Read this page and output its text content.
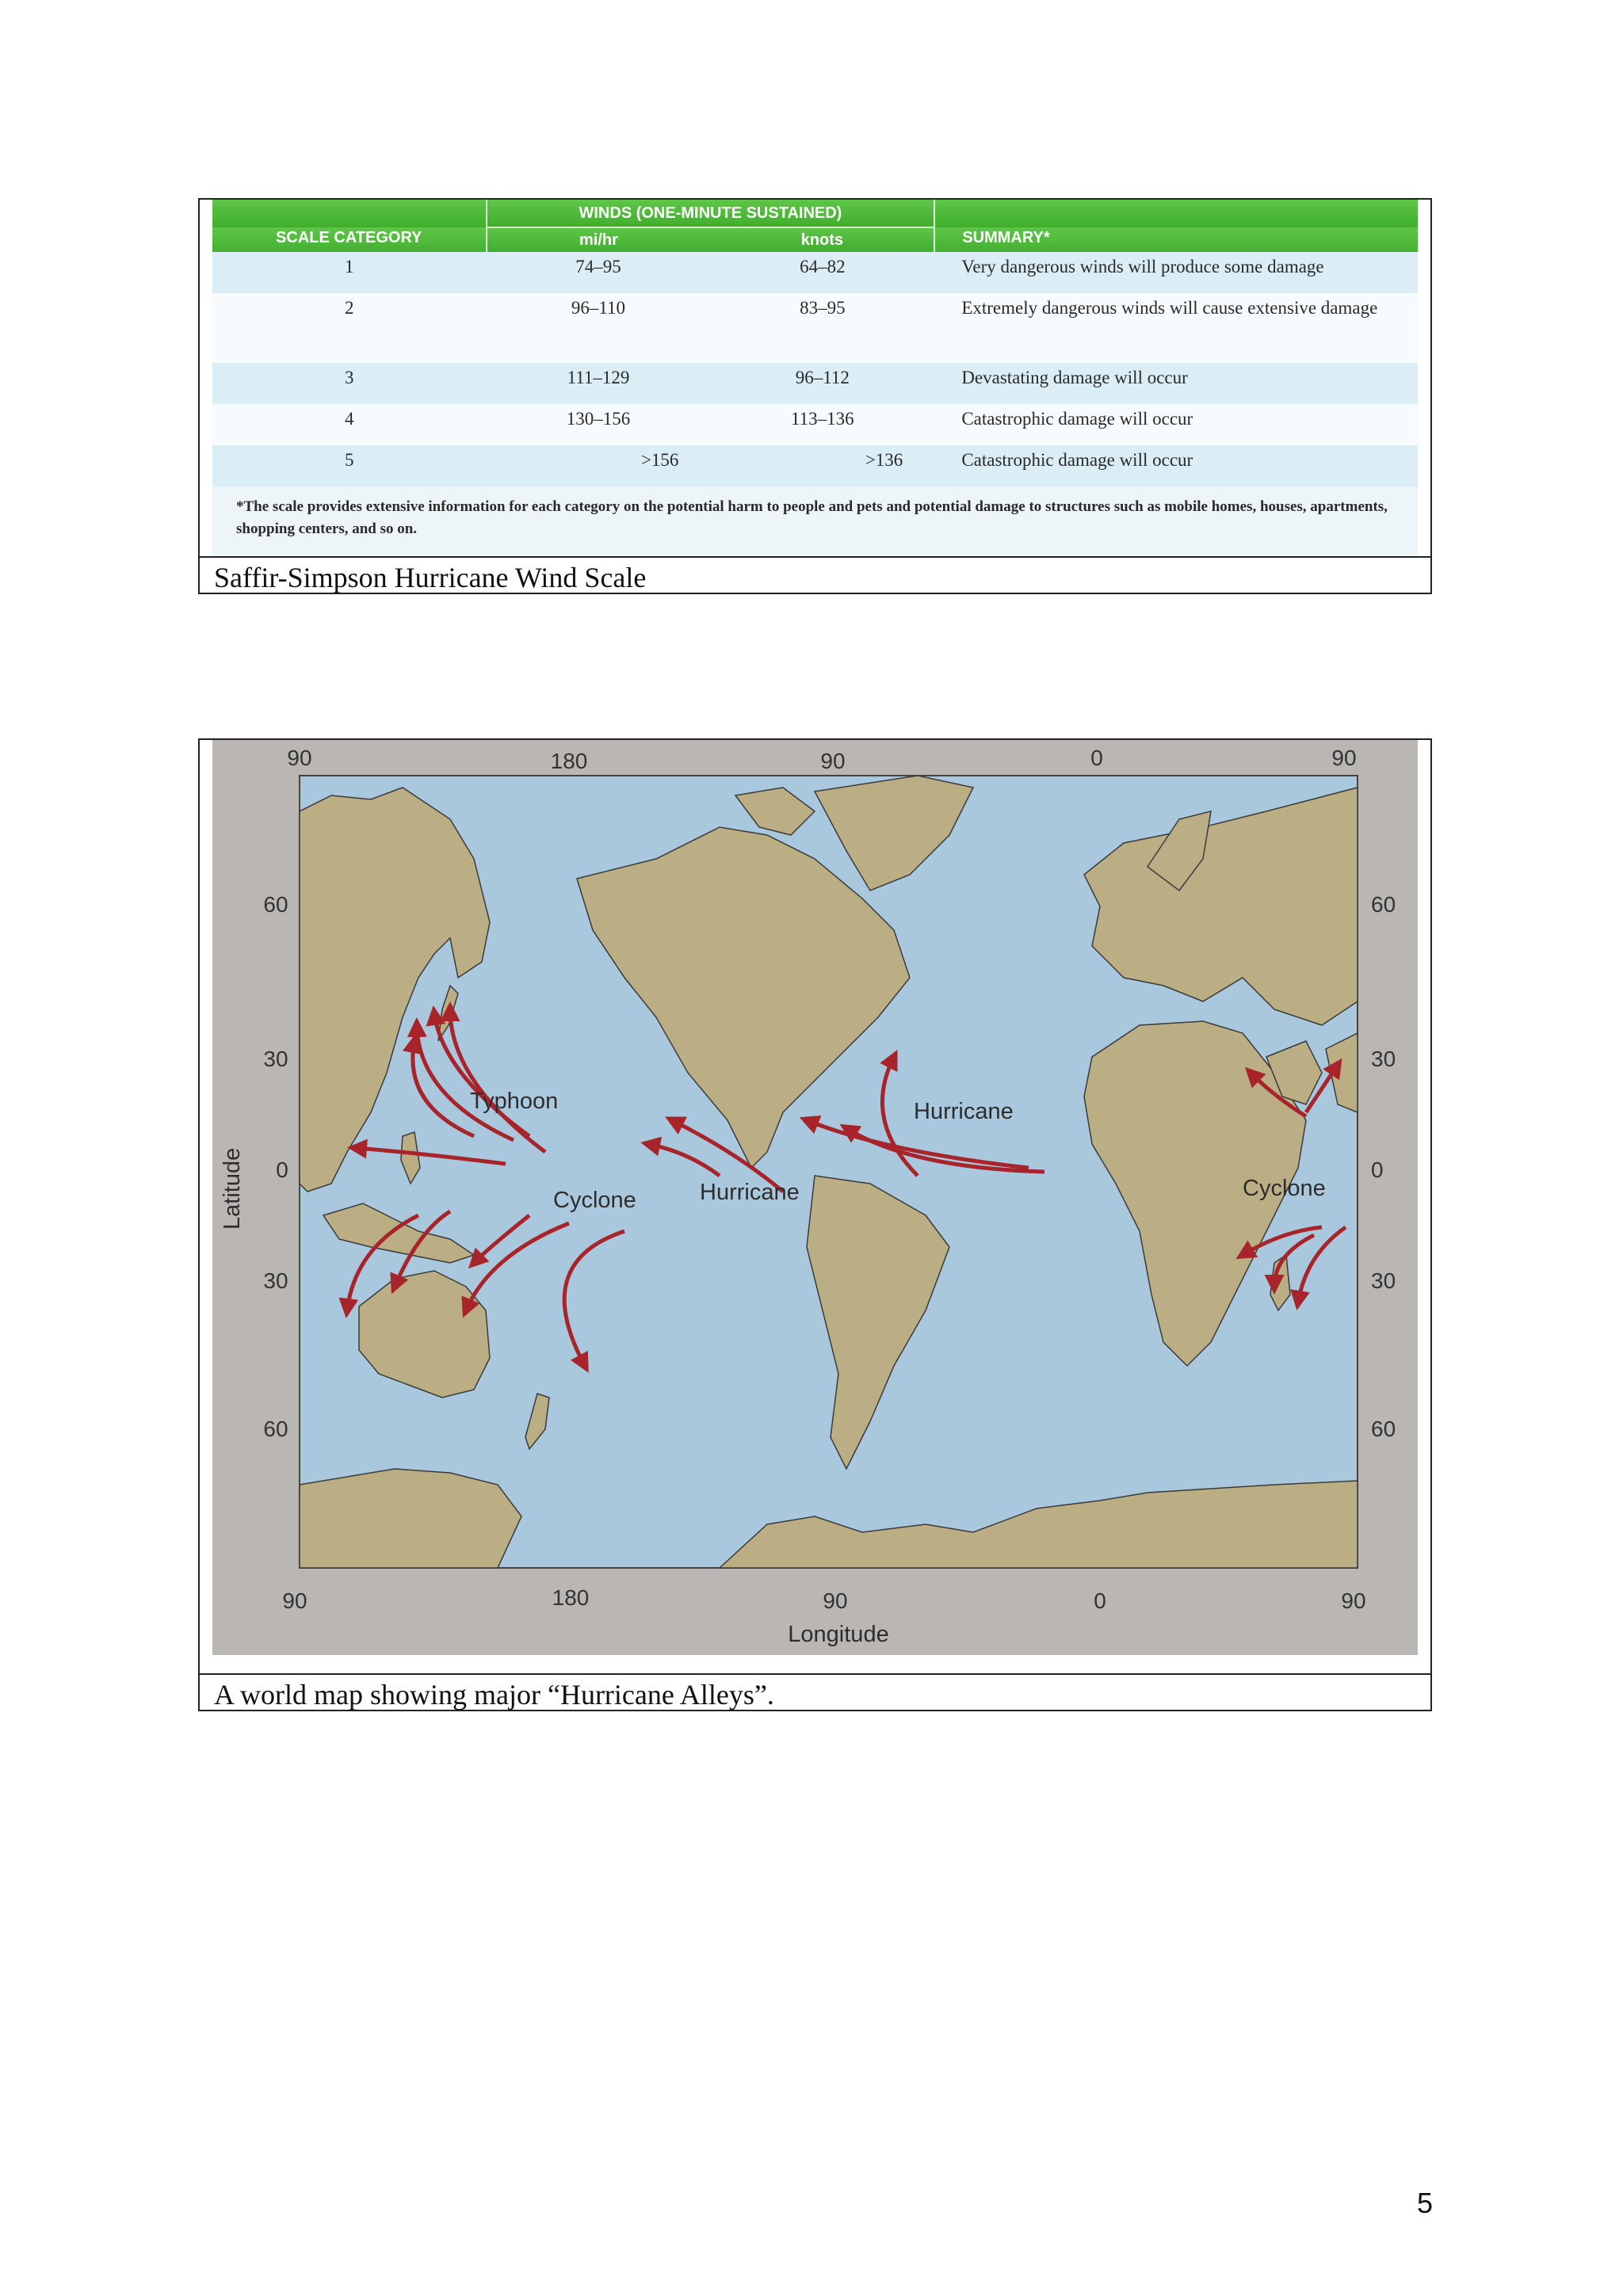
SCALE CATEGORY	WINDS (ONE-MINUTE SUSTAINED)		SUMMARY*
	mi/hr	knots	
1	74–95	64–82	Very dangerous winds will produce some damage
2	96–110	83–95	Extremely dangerous winds will cause extensive damage
3	111–129	96–112	Devastating damage will occur
4	130–156	113–136	Catastrophic damage will occur
5	>156	>136	Catastrophic damage will occur
*The scale provides extensive information for each category on the potential harm to people and pets and potential damage to structures such as mobile homes, houses, apartments, shopping centers, and so on.
Saffir-Simpson Hurricane Wind Scale
90	180	90	0	90
90	180	90	0	90
60
30
0
30
60
60
30
0
30
60
Latitude
Longitude
Typhoon
Cyclone	Hurricane
Hurricane
Cyclone
A world map showing major “Hurricane Alleys”.
5
